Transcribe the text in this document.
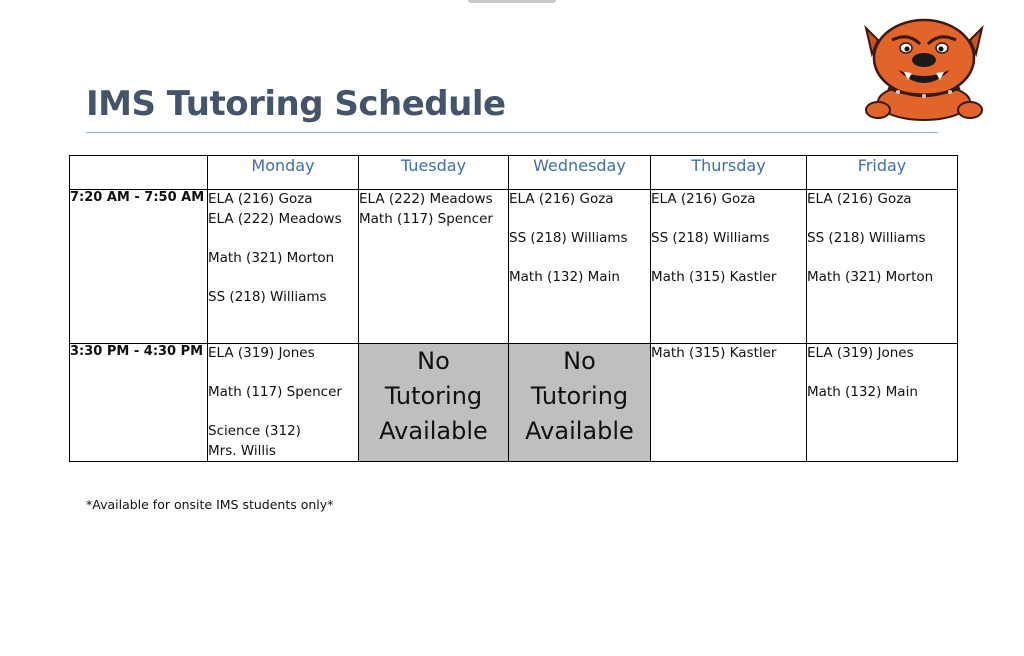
IMS Tutoring Schedule
	Monday	Tuesday	Wednesday	Thursday	Friday
7:20 AM - 7:50 AM	ELA (216) Goza
ELA (222) Meadows
Math (321) Morton
SS (218) Williams	ELA (222) Meadows
Math (117) Spencer	ELA (216) Goza
SS (218) Williams
Math (132) Main	ELA (216) Goza
SS (218) Williams
Math (315) Kastler	ELA (216) Goza
SS (218) Williams
Math (321) Morton

3:30 PM - 4:30 PM	ELA (319) Jones
Math (117) Spencer
Science (312)
Mrs. Willis	No
Tutoring
Available	No
Tutoring
Available	Math (315) Kastler	ELA (319) Jones
Math (132) Main
*Available for onsite IMS students only*
